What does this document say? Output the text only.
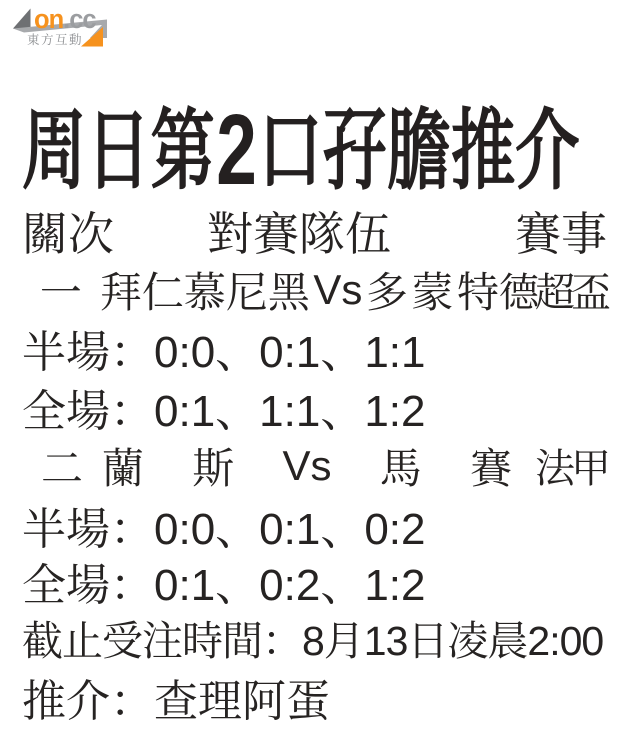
on.cc
東方互動
周日第 2 口孖膽推介
關次	對賽隊伍	賽事
一 拜仁慕尼黑 Vs 多 蒙 特 德超盃
半場：0:0、0:1、1:1
全場：0:1、1:1、1:2
二 蘭 斯 Vs 馬 賽 法甲
半場：0:0、0:1、0:2
全場：0:1、0:2、1:2
截止受注時間：8月13日凌晨2:00
推介：查理阿蛋
